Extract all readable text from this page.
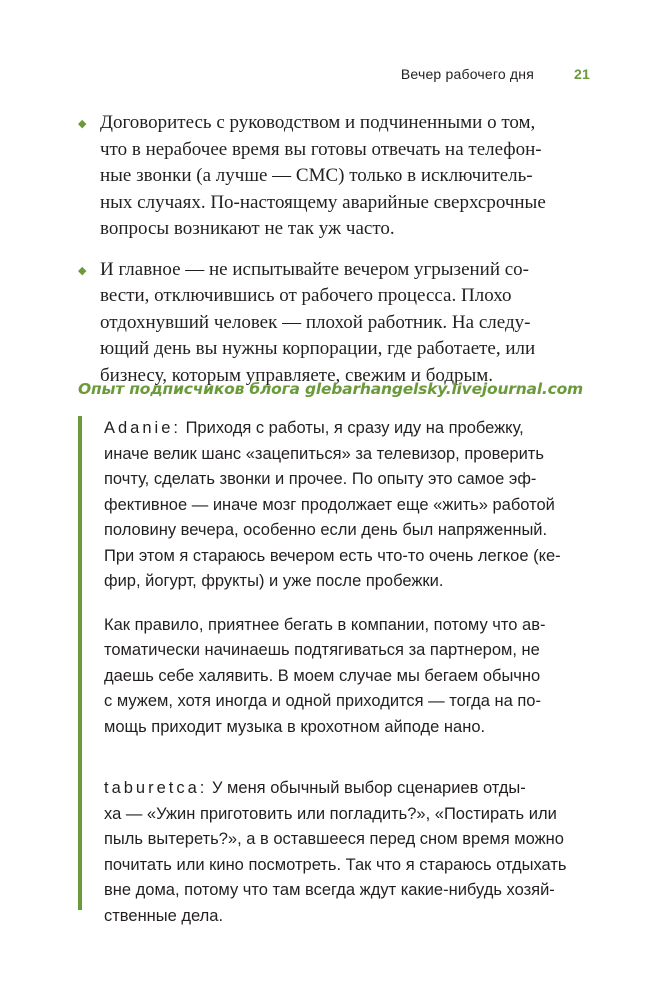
Вечер рабочего дня	21
◆ Договоритесь с руководством и подчиненными о том,
что в нерабочее время вы готовы отвечать на телефон-
ные звонки (а лучше — СМС) только в исключитель-
ных случаях. По-настоящему аварийные сверхсрочные
вопросы возникают не так уж часто.
◆ И главное — не испытывайте вечером угрызений со-
вести, отключившись от рабочего процесса. Плохо
отдохнувший человек — плохой работник. На следу-
ющий день вы нужны корпорации, где работаете, или
бизнесу, которым управляете, свежим и бодрым.
Опыт подписчиков блога glebarhangelsky.livejournal.com

Adanie: Приходя с работы, я сразу иду на пробежку,
иначе велик шанс «зацепиться» за телевизор, проверить
почту, сделать звонки и прочее. По опыту это самое эф-
фективное — иначе мозг продолжает еще «жить» работой
половину вечера, особенно если день был напряженный.
При этом я стараюсь вечером есть что-то очень легкое (ке-
фир, йогурт, фрукты) и уже после пробежки.

Как правило, приятнее бегать в компании, потому что ав-
томатически начинаешь подтягиваться за партнером, не
даешь себе халявить. В моем случае мы бегаем обычно
с мужем, хотя иногда и одной приходится — тогда на по-
мощь приходит музыка в крохотном айподе нано.

taburetca: У меня обычный выбор сценариев отды-
ха — «Ужин приготовить или погладить?», «Постирать или
пыль вытереть?», а в оставшееся перед сном время можно
почитать или кино посмотреть. Так что я стараюсь отдыхать
вне дома, потому что там всегда ждут какие-нибудь хозяй-
ственные дела.
